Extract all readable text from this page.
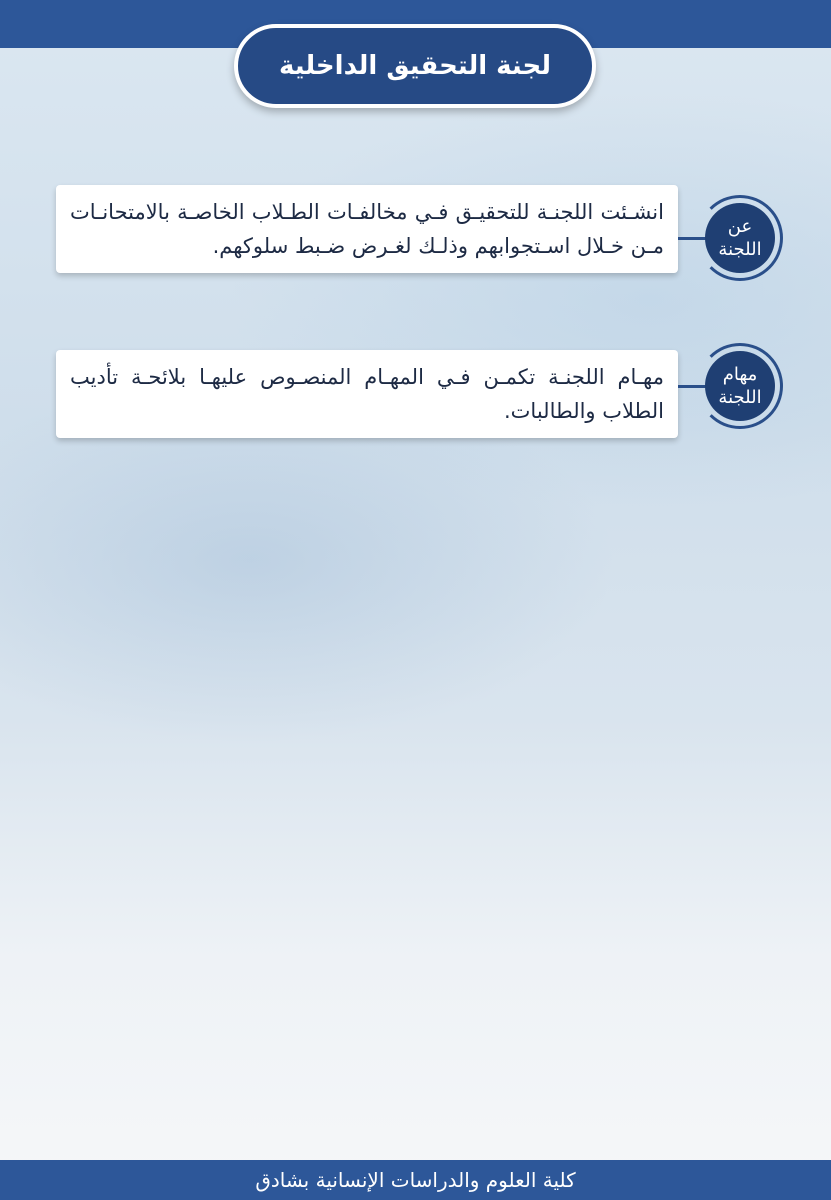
لجنة التحقيق الداخلية
انشـئت اللجنـة للتحقيـق فـي مخالفـات الطـلاب الخاصـة بالامتحانـات مـن خـلال اسـتجوابهم وذلـك لغـرض ضـبط سلوكهم.
عن
اللجنة
مهـام اللجنـة تكمـن فـي المهـام المنصـوص عليهـا بلائحـة تأديب الطلاب والطالبات.
مهام
اللجنة
كلية العلوم والدراسات الإنسانية بشادق
